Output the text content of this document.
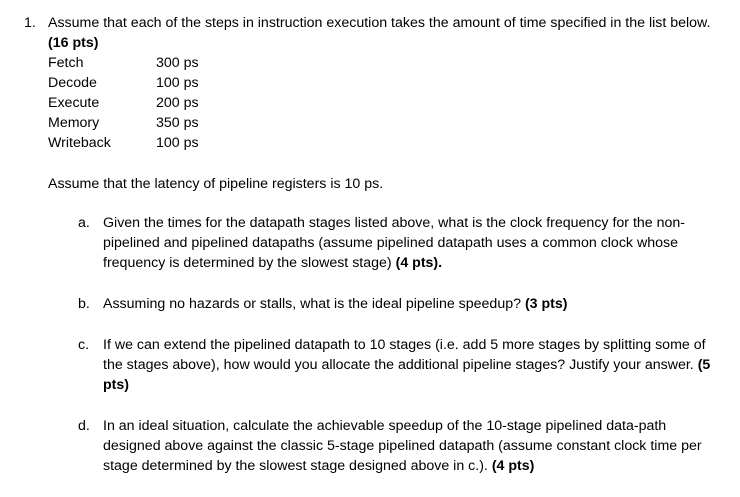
1. Assume that each of the steps in instruction execution takes the amount of time specified in the list below. (16 pts)

Fetch	300 ps
Decode	100 ps
Execute	200 ps
Memory	350 ps
Writeback	100 ps

Assume that the latency of pipeline registers is 10 ps.

a. Given the times for the datapath stages listed above, what is the clock frequency for the non-pipelined and pipelined datapaths (assume pipelined datapath uses a common clock whose frequency is determined by the slowest stage) (4 pts).
b. Assuming no hazards or stalls, what is the ideal pipeline speedup? (3 pts)
c. If we can extend the pipelined datapath to 10 stages (i.e. add 5 more stages by splitting some of the stages above), how would you allocate the additional pipeline stages? Justify your answer. (5 pts)
d. In an ideal situation, calculate the achievable speedup of the 10-stage pipelined data-path designed above against the classic 5-stage pipelined datapath (assume constant clock time per stage determined by the slowest stage designed above in c.). (4 pts)
